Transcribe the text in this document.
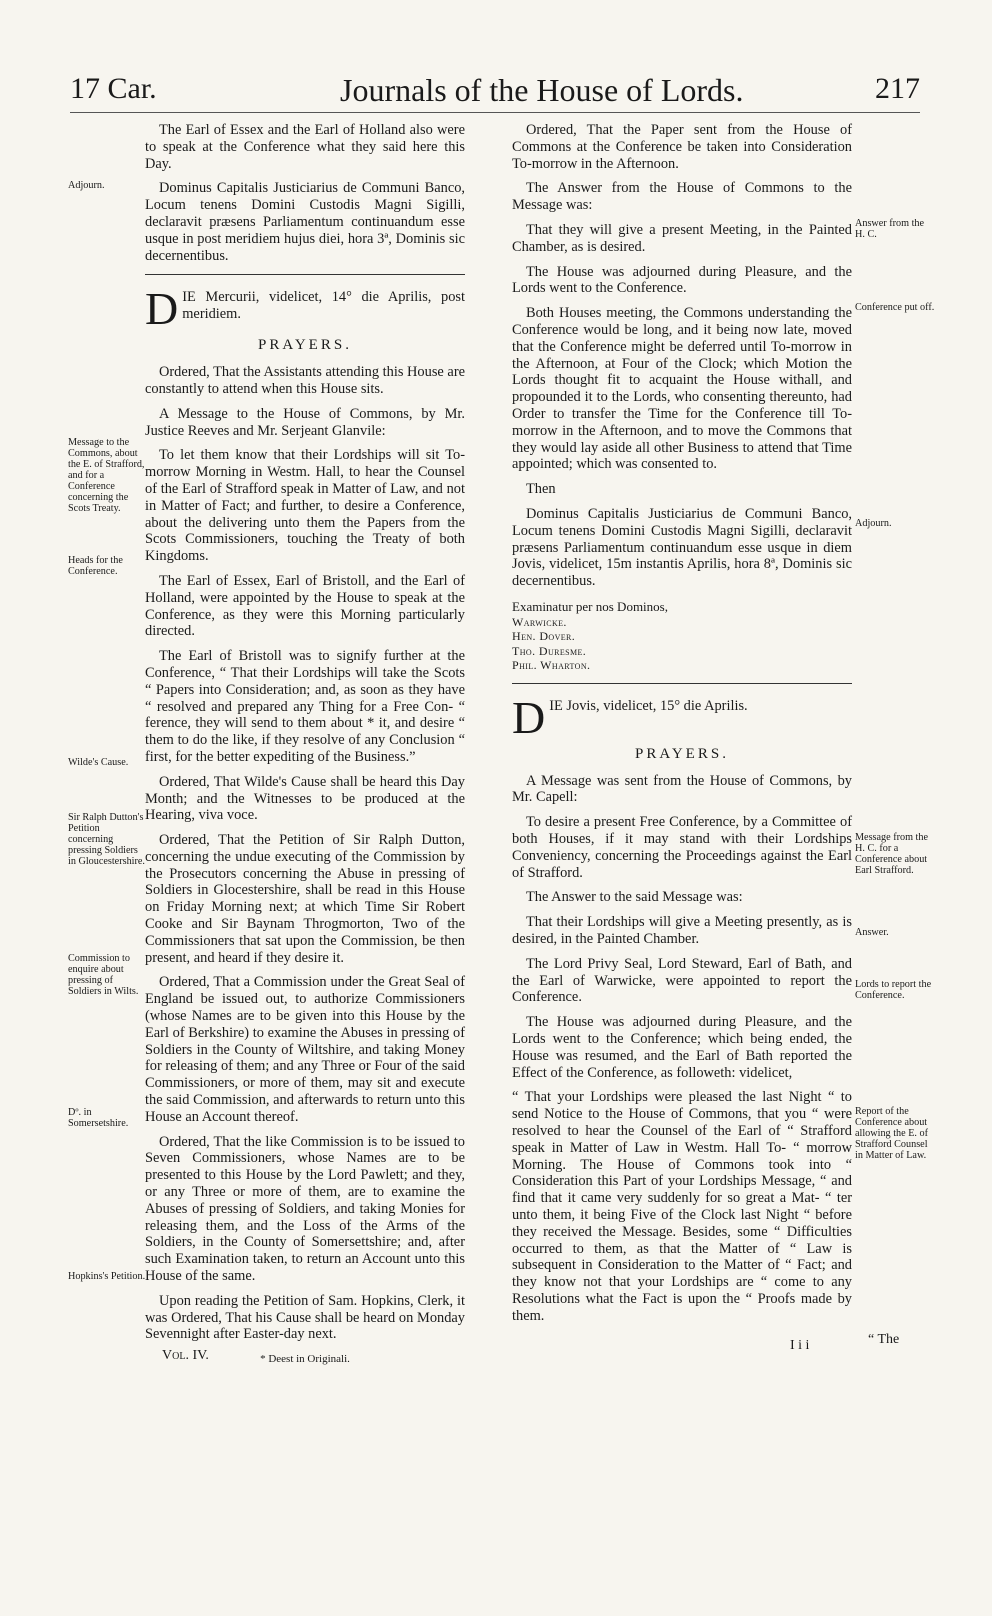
17 Car.	Journals of the House of Lords.	217
Adjourn.
Message to the Commons, about the E. of Strafford, and for a Conference concerning the Scots Treaty.
Heads for the Conference.
Wilde's Cause.
Sir Ralph Dutton's Petition concerning pressing Soldiers in Gloucestershire.
Commission to enquire about pressing of Soldiers in Wilts.
Dº. in Somersetshire.
Hopkins's Petition.
Answer from the H. C.
Conference put off.
Adjourn.
Message from the H. C. for a Conference about Earl Strafford.
Answer.
Lords to report the Conference.
Report of the Conference about allowing the E. of Strafford Counsel in Matter of Law.

The Earl of Essex and the Earl of Holland also were to speak at the Conference what they said here this Day.

Dominus Capitalis Justiciarius de Communi Banco, Locum tenens Domini Custodis Magni Sigilli, declaravit præsens Parliamentum continuandum esse usque in post meridiem hujus diei, hora 3ª, Dominis sic decernentibus.

D IE Mercurii, videlicet, 14° die Aprilis, post meridiem.
PRAYERS.

Ordered, That the Assistants attending this House are constantly to attend when this House sits.

A Message to the House of Commons, by Mr. Justice Reeves and Mr. Serjeant Glanvile:

To let them know that their Lordships will sit To-morrow Morning in Westm. Hall, to hear the Counsel of the Earl of Strafford speak in Matter of Law, and not in Matter of Fact; and further, to desire a Conference, about the delivering unto them the Papers from the Scots Commissioners, touching the Treaty of both Kingdoms.

The Earl of Essex, Earl of Bristoll, and the Earl of Holland, were appointed by the House to speak at the Conference, as they were this Morning particularly directed.

The Earl of Bristoll was to signify further at the Conference, “ That their Lordships will take the Scots “ Papers into Consideration; and, as soon as they have “ resolved and prepared any Thing for a Free Con- “ ference, they will send to them about * it, and desire “ them to do the like, if they resolve of any Conclusion “ first, for the better expediting of the Business.”

Ordered, That Wilde's Cause shall be heard this Day Month; and the Witnesses to be produced at the Hearing, viva voce.

Ordered, That the Petition of Sir Ralph Dutton, concerning the undue executing of the Commission by the Prosecutors concerning the Abuse in pressing of Soldiers in Glocestershire, shall be read in this House on Friday Morning next; at which Time Sir Robert Cooke and Sir Baynam Throgmorton, Two of the Commissioners that sat upon the Commission, be then present, and heard if they desire it.

Ordered, That a Commission under the Great Seal of England be issued out, to authorize Commissioners (whose Names are to be given into this House by the Earl of Berkshire) to examine the Abuses in pressing of Soldiers in the County of Wiltshire, and taking Money for releasing of them; and any Three or Four of the said Commissioners, or more of them, may sit and execute the said Commission, and afterwards to return unto this House an Account thereof.

Ordered, That the like Commission is to be issued to Seven Commissioners, whose Names are to be presented to this House by the Lord Pawlett; and they, or any Three or more of them, are to examine the Abuses of pressing of Soldiers, and taking Monies for releasing them, and the Loss of the Arms of the Soldiers, in the County of Somersettshire; and, after such Examination taken, to return an Account unto this House of the same.

Upon reading the Petition of Sam. Hopkins, Clerk, it was Ordered, That his Cause shall be heard on Monday Sevennight after Easter-day next.

* Deest in Originali.
Vol. IV.

Ordered, That the Paper sent from the House of Commons at the Conference be taken into Consideration To-morrow in the Afternoon.

The Answer from the House of Commons to the Message was:

That they will give a present Meeting, in the Painted Chamber, as is desired.

The House was adjourned during Pleasure, and the Lords went to the Conference.

Both Houses meeting, the Commons understanding the Conference would be long, and it being now late, moved that the Conference might be deferred until To-morrow in the Afternoon, at Four of the Clock; which Motion the Lords thought fit to acquaint the House withall, and propounded it to the Lords, who consenting thereunto, had Order to transfer the Time for the Conference till To-morrow in the Afternoon, and to move the Commons that they would lay aside all other Business to attend that Time appointed; which was consented to.

Then

Dominus Capitalis Justiciarius de Communi Banco, Locum tenens Domini Custodis Magni Sigilli, declaravit præsens Parliamentum continuandum esse usque in diem Jovis, videlicet, 15m instantis Aprilis, hora 8ª, Dominis sic decernentibus.

Examinatur per nos Dominos,
Warwicke.
Hen. Dover.
Tho. Duresme.
Phil. Wharton.
D IE Jovis, videlicet, 15° die Aprilis.
PRAYERS.

A Message was sent from the House of Commons, by Mr. Capell:

To desire a present Free Conference, by a Committee of both Houses, if it may stand with their Lordships Conveniency, concerning the Proceedings against the Earl of Strafford.

The Answer to the said Message was:

That their Lordships will give a Meeting presently, as is desired, in the Painted Chamber.

The Lord Privy Seal, Lord Steward, Earl of Bath, and the Earl of Warwicke, were appointed to report the Conference.

The House was adjourned during Pleasure, and the Lords went to the Conference; which being ended, the House was resumed, and the Earl of Bath reported the Effect of the Conference, as followeth: videlicet,

“ That your Lordships were pleased the last Night “ to send Notice to the House of Commons, that you “ were resolved to hear the Counsel of the Earl of “ Strafford speak in Matter of Law in Westm. Hall To- “ morrow Morning. The House of Commons took into “ Consideration this Part of your Lordships Message, “ and find that it came very suddenly for so great a Mat- “ ter unto them, it being Five of the Clock last Night “ before they received the Message. Besides, some “ Difficulties occurred to them, as that the Matter of “ Law is subsequent in Consideration to the Matter of “ Fact; and they know not that your Lordships are “ come to any Resolutions what the Fact is upon the “ Proofs made by them.

I i i	“ The
